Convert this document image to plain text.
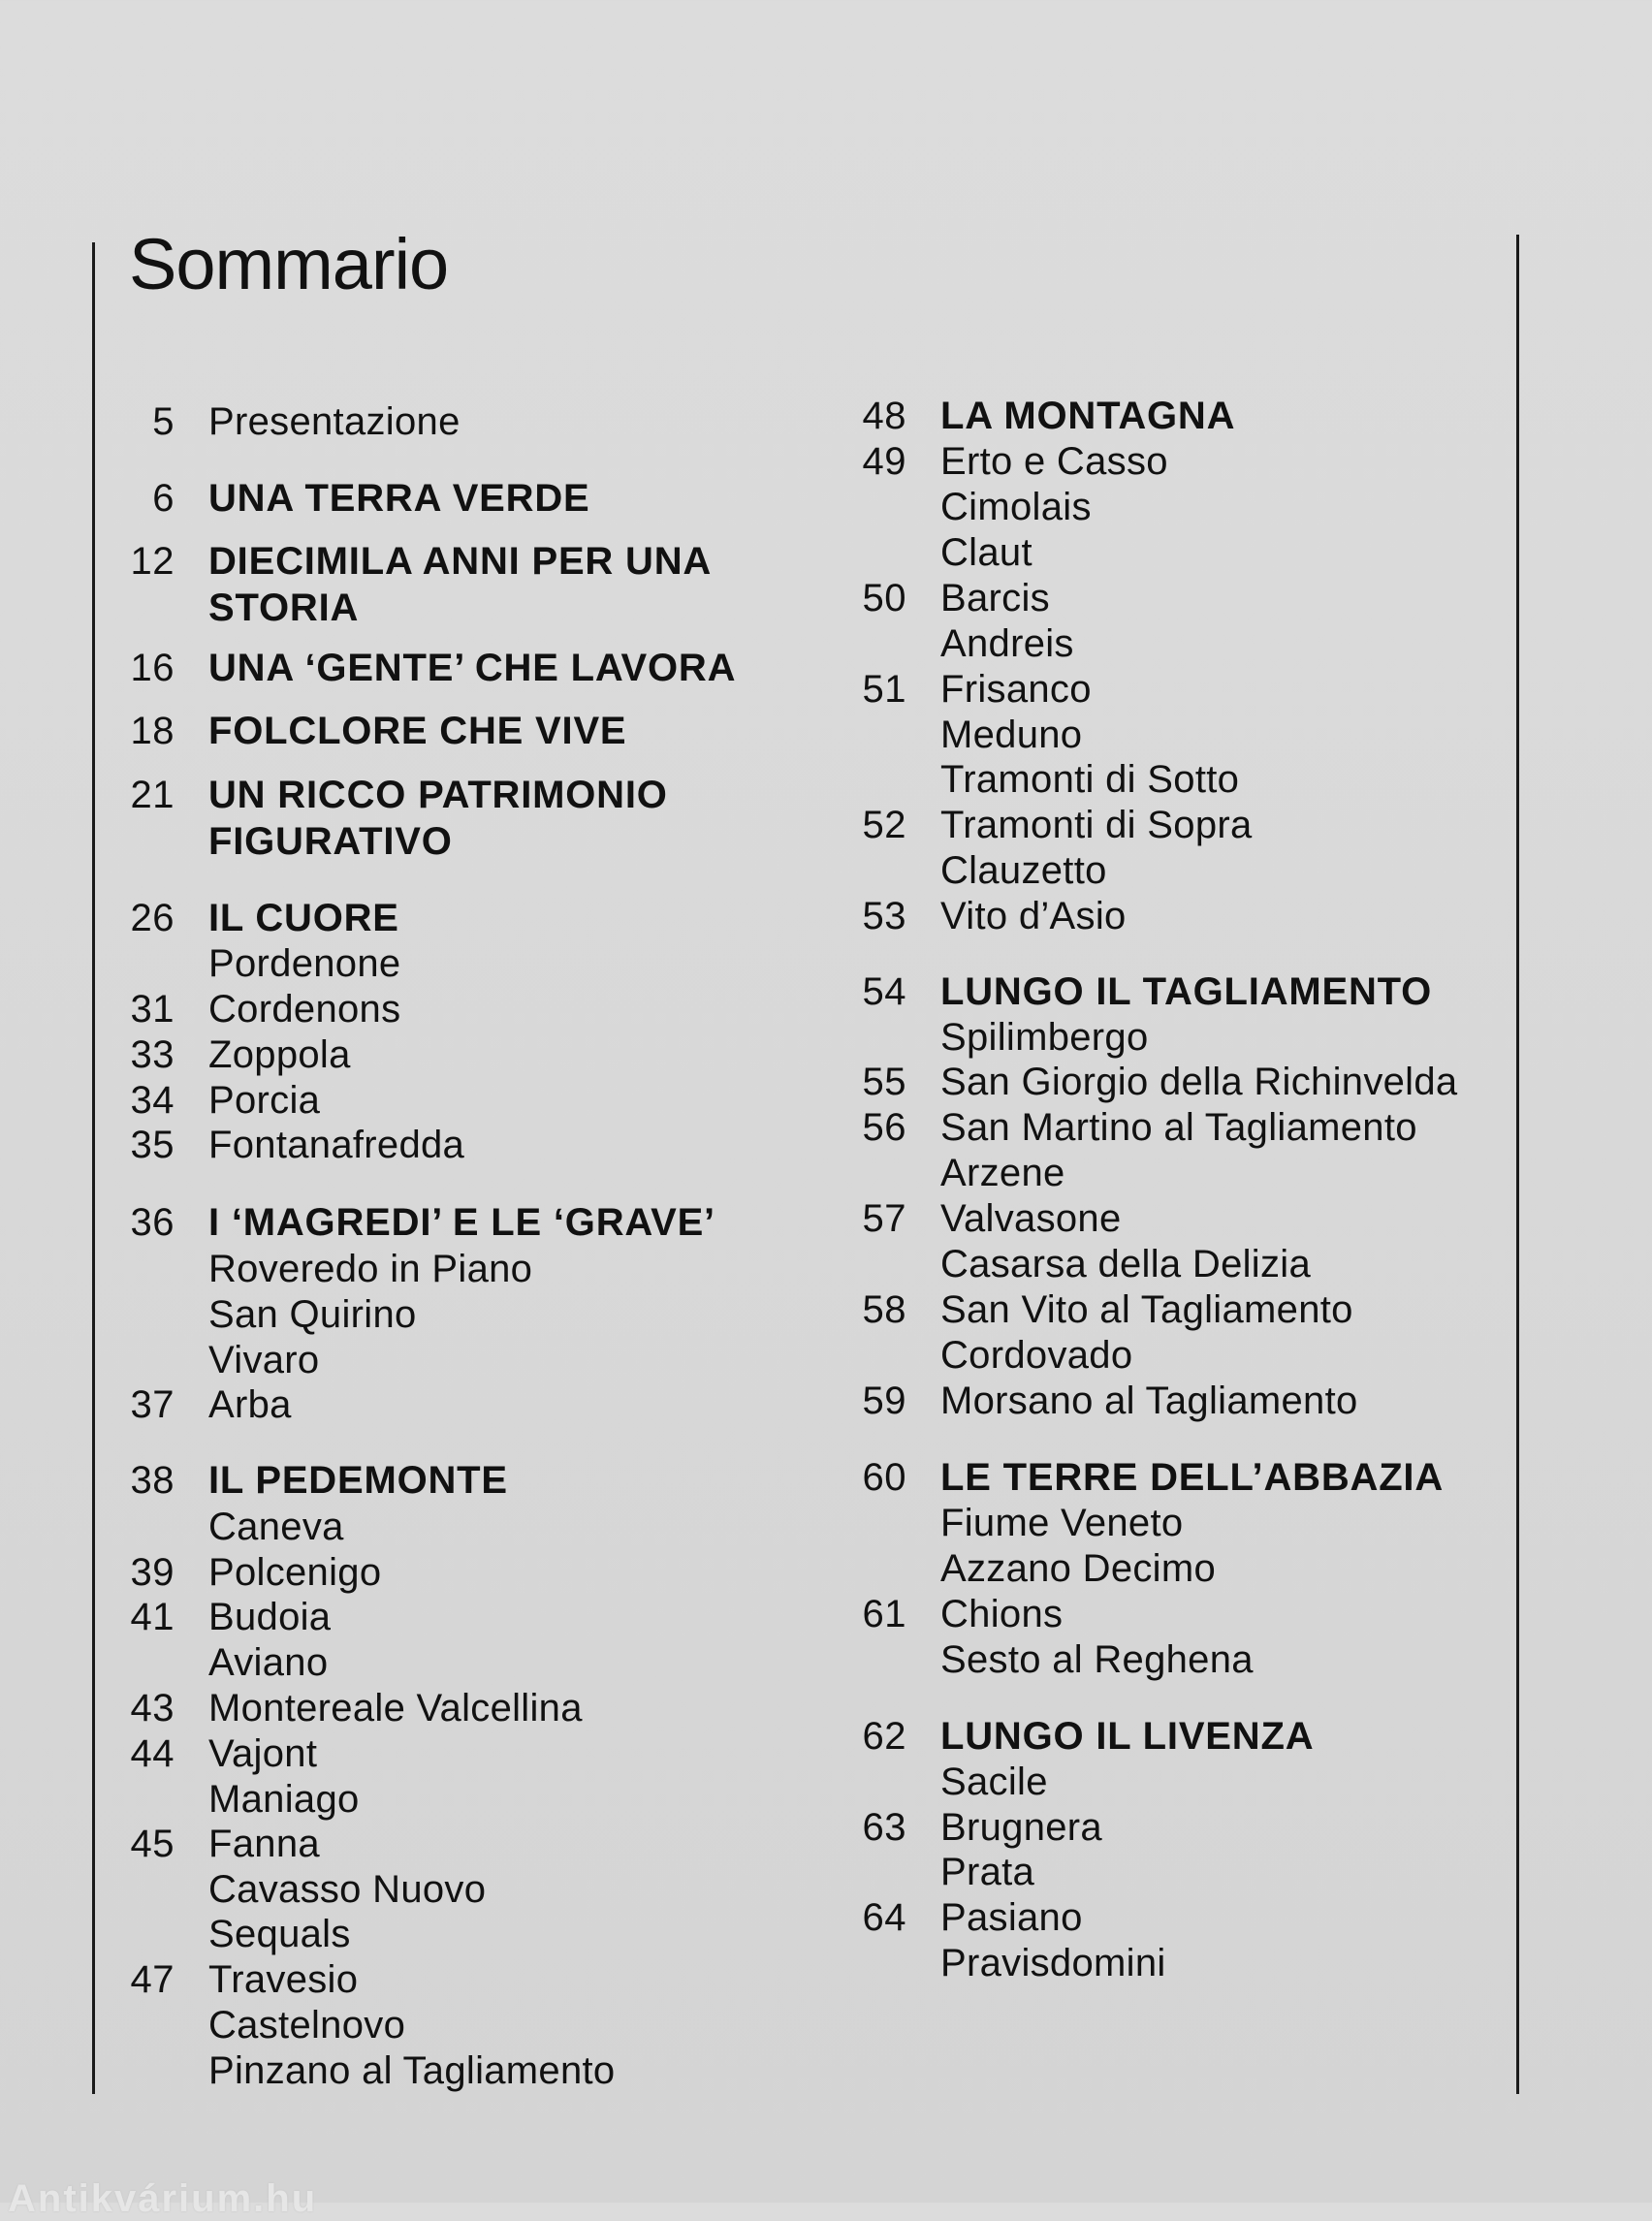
Sommario
5 Presentazione
6 UNA TERRA VERDE
12 DIECIMILA ANNI PER UNA
STORIA
16 UNA ‘GENTE’ CHE LAVORA
18 FOLCLORE CHE VIVE
21 UN RICCO PATRIMONIO
FIGURATIVO
26 IL CUORE
Pordenone
31 Cordenons
33 Zoppola
34 Porcia
35 Fontanafredda
36 I ‘MAGREDI’ E LE ‘GRAVE’
Roveredo in Piano
San Quirino
Vivaro
37 Arba
38 IL PEDEMONTE
Caneva
39 Polcenigo
41 Budoia
Aviano
43 Montereale Valcellina
44 Vajont
Maniago
45 Fanna
Cavasso Nuovo
Sequals
47 Travesio
Castelnovo
Pinzano al Tagliamento
48 LA MONTAGNA
49 Erto e Casso
Cimolais
Claut
50 Barcis
Andreis
51 Frisanco
Meduno
Tramonti di Sotto
52 Tramonti di Sopra
Clauzetto
53 Vito d’Asio
54 LUNGO IL TAGLIAMENTO
Spilimbergo
55 San Giorgio della Richinvelda
56 San Martino al Tagliamento
Arzene
57 Valvasone
Casarsa della Delizia
58 San Vito al Tagliamento
Cordovado
59 Morsano al Tagliamento
60 LE TERRE DELL’ABBAZIA
Fiume Veneto
Azzano Decimo
61 Chions
Sesto al Reghena
62 LUNGO IL LIVENZA
Sacile
63 Brugnera
Prata
64 Pasiano
Pravisdomini
Antikvárium.hu
